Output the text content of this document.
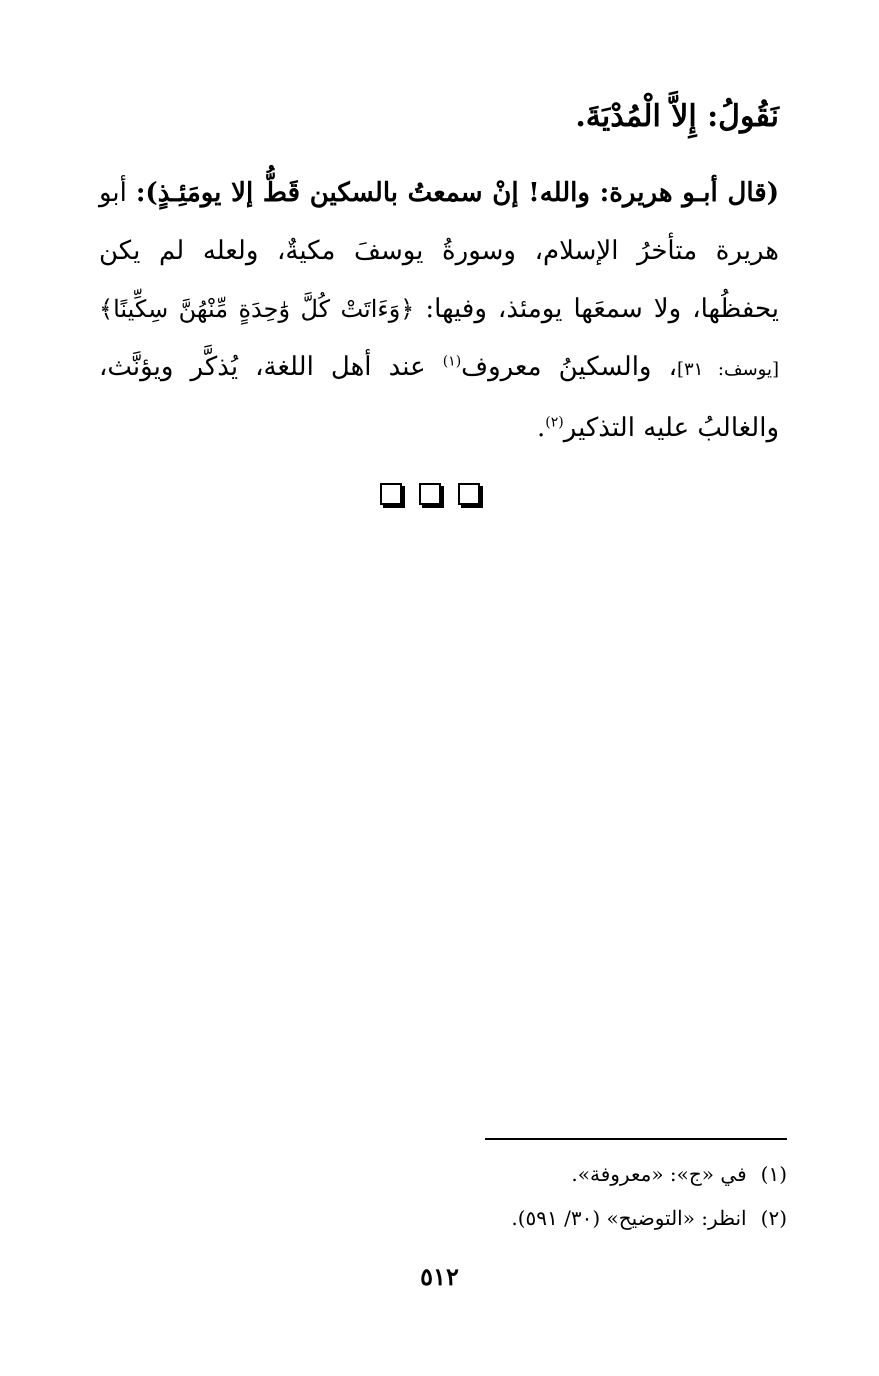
نَقُولُ: إِلاَّ الْمُدْيَةَ.
(قال أبـو هريرة: والله! إنْ سمعتُ بالسكين قَطُّ إلا يومَئِـذٍ): أبو هريرة متأخرُ الإسلام، وسورةُ يوسفَ مكيةٌ، ولعله لم يكن يحفظُها، ولا سمعَها يومئذ، وفيها: ﴿وَءَاتَتْ كُلَّ وَٰحِدَةٍ مِّنْهُنَّ سِكِّينًا﴾[يوسف: ٣١]، والسكينُ معروف$^{(١)}$ عند أهل اللغة، يُذكَّر ويؤنَّث، والغالبُ عليه التذكير$^{(٢)}$.
(١)في «ج»: «معروفة».
(٢)انظر: «التوضيح» (٣٠/ ٥٩١).
٥١٢
